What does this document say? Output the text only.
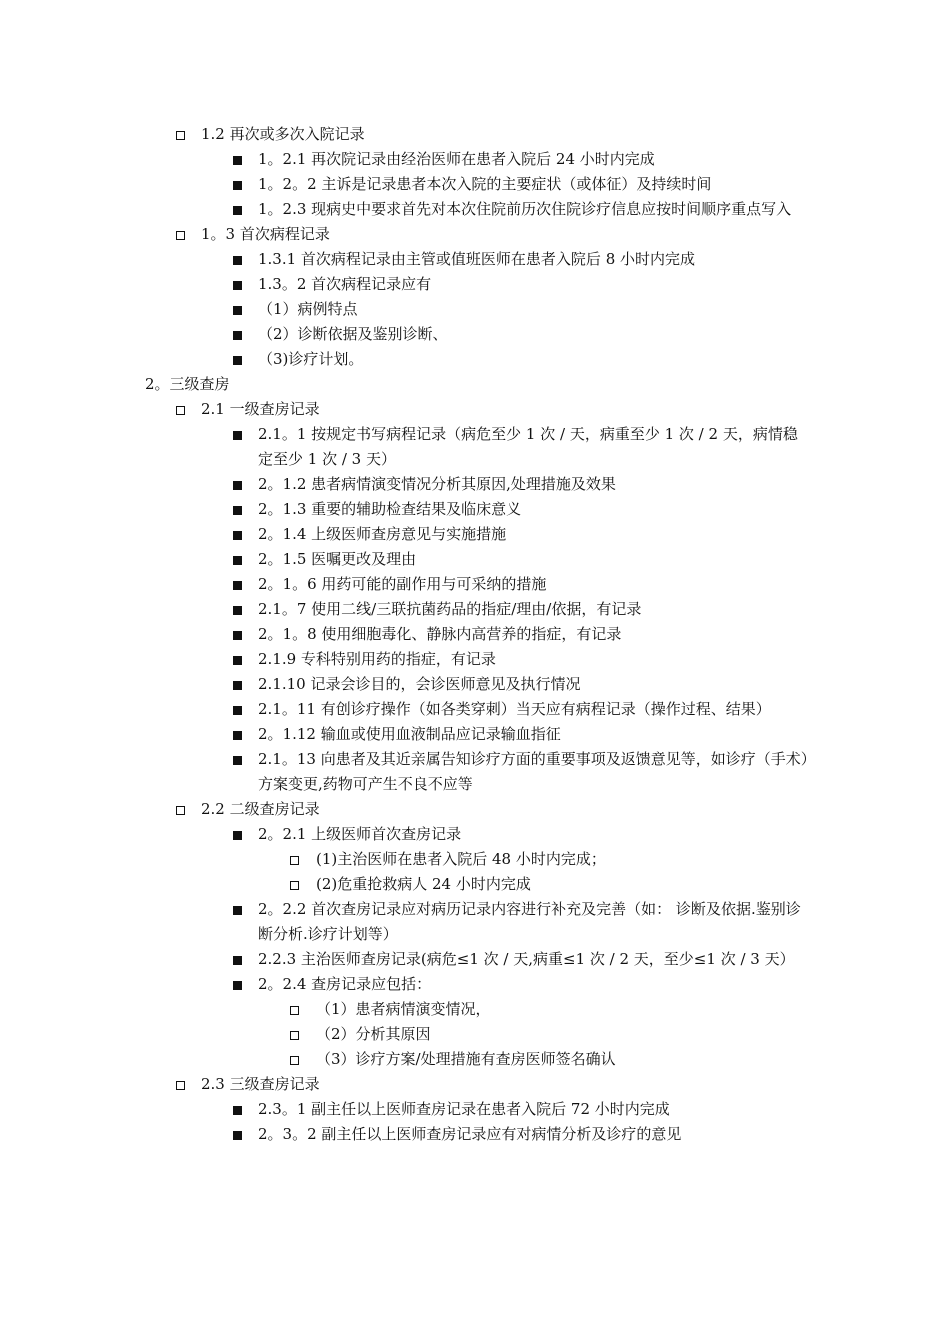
1.2 再次或多次入院记录
1。2.1 再次院记录由经治医师在患者入院后 24 小时内完成
1。2。2 主诉是记录患者本次入院的主要症状（或体征）及持续时间
1。2.3 现病史中要求首先对本次住院前历次住院诊疗信息应按时间顺序重点写入
1。3 首次病程记录
1.3.1 首次病程记录由主管或值班医师在患者入院后 8 小时内完成
1.3。2 首次病程记录应有
（1）病例特点
（2）诊断依据及鉴别诊断、
（3)诊疗计划。
2。三级查房
2.1 一级查房记录
2.1。1 按规定书写病程记录（病危至少 1 次 / 天，病重至少 1 次 / 2 天，病情稳定至少 1 次 / 3 天）
2。1.2 患者病情演变情况分析其原因,处理措施及效果
2。1.3 重要的辅助检查结果及临床意义
2。1.4 上级医师查房意见与实施措施
2。1.5 医嘱更改及理由
2。1。6 用药可能的副作用与可采纳的措施
2.1。7 使用二线/三联抗菌药品的指症/理由/依据，有记录
2。1。8 使用细胞毒化、静脉内高营养的指症，有记录
2.1.9 专科特别用药的指症，有记录
2.1.10 记录会诊目的，会诊医师意见及执行情况
2.1。11 有创诊疗操作（如各类穿刺）当天应有病程记录（操作过程、结果）
2。1.12 输血或使用血液制品应记录输血指征
2.1。13 向患者及其近亲属告知诊疗方面的重要事项及返馈意见等，如诊疗（手术）方案变更,药物可产生不良不应等
2.2 二级查房记录
2。2.1 上级医师首次查房记录
(1)主治医师在患者入院后 48 小时内完成；
(2)危重抢救病人 24 小时内完成
2。2.2 首次查房记录应对病历记录内容进行补充及完善（如： 诊断及依据.鉴别诊断分析.诊疗计划等）
2.2.3 主治医师查房记录(病危≤1 次 / 天,病重≤1 次 / 2 天，至少≤1 次 / 3 天）
2。2.4 查房记录应包括：
（1）患者病情演变情况，
（2）分析其原因
（3）诊疗方案/处理措施有查房医师签名确认
2.3 三级查房记录
2.3。1 副主任以上医师查房记录在患者入院后 72 小时内完成
2。3。2 副主任以上医师查房记录应有对病情分析及诊疗的意见
